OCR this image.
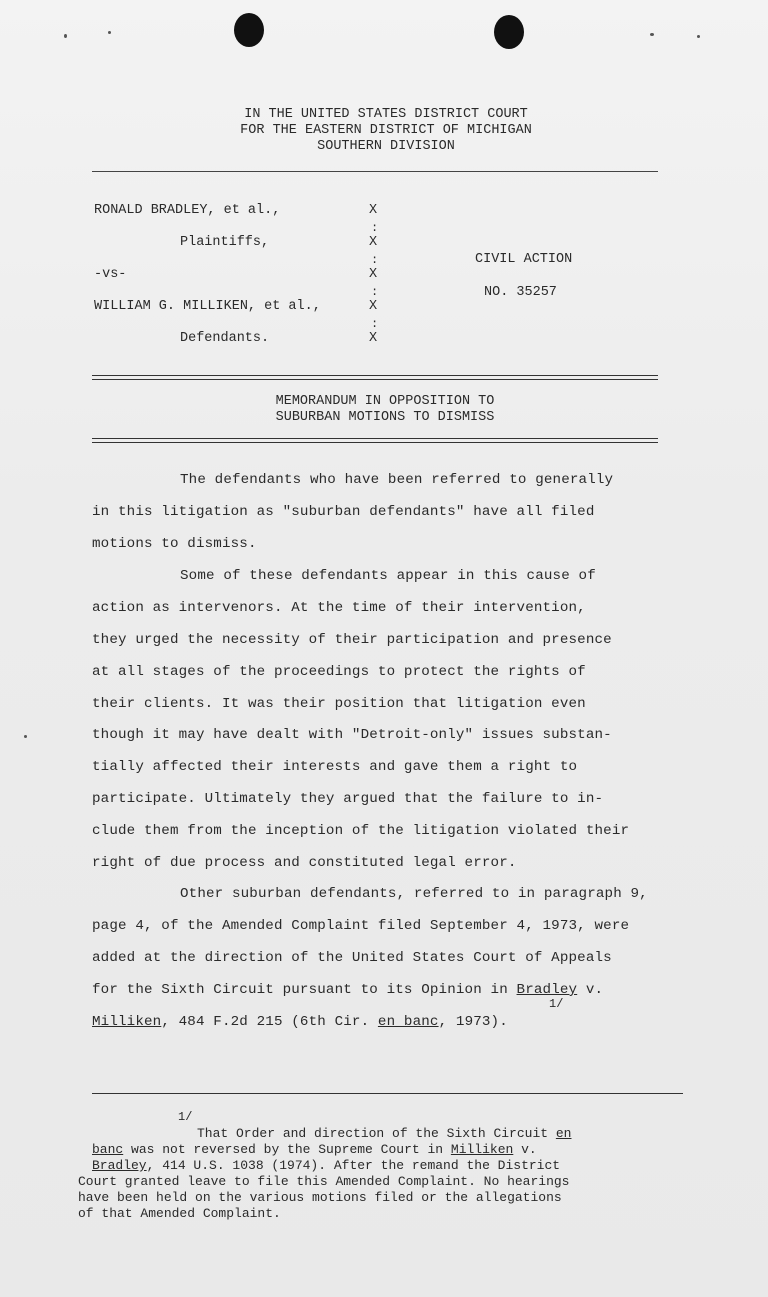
IN THE UNITED STATES DISTRICT COURT
FOR THE EASTERN DISTRICT OF MICHIGAN
SOUTHERN DIVISION
RONALD BRADLEY, et al.,
Plaintiffs,
-vs-
WILLIAM G. MILLIKEN, et al.,
Defendants.
X
:
X
:
X
:
X
:
X
CIVIL ACTION
NO. 35257
MEMORANDUM IN OPPOSITION TO
SUBURBAN MOTIONS TO DISMISS
The defendants who have been referred to generally
in this litigation as "suburban defendants" have all filed
motions to dismiss.
Some of these defendants appear in this cause of
action as intervenors. At the time of their intervention,
they urged the necessity of their participation and presence
at all stages of the proceedings to protect the rights of
their clients. It was their position that litigation even
though it may have dealt with "Detroit-only" issues substan-
tially affected their interests and gave them a right to
participate. Ultimately they argued that the failure to in-
clude them from the inception of the litigation violated their
right of due process and constituted legal error.
Other suburban defendants, referred to in paragraph 9,
page 4, of the Amended Complaint filed September 4, 1973, were
added at the direction of the United States Court of Appeals
for the Sixth Circuit pursuant to its Opinion in Bradley v.
1/
Milliken, 484 F.2d 215 (6th Cir. en banc, 1973).
1/
That Order and direction of the Sixth Circuit en
banc was not reversed by the Supreme Court in Milliken v.
Bradley, 414 U.S. 1038 (1974). After the remand the District
Court granted leave to file this Amended Complaint. No hearings
have been held on the various motions filed or the allegations
of that Amended Complaint.
